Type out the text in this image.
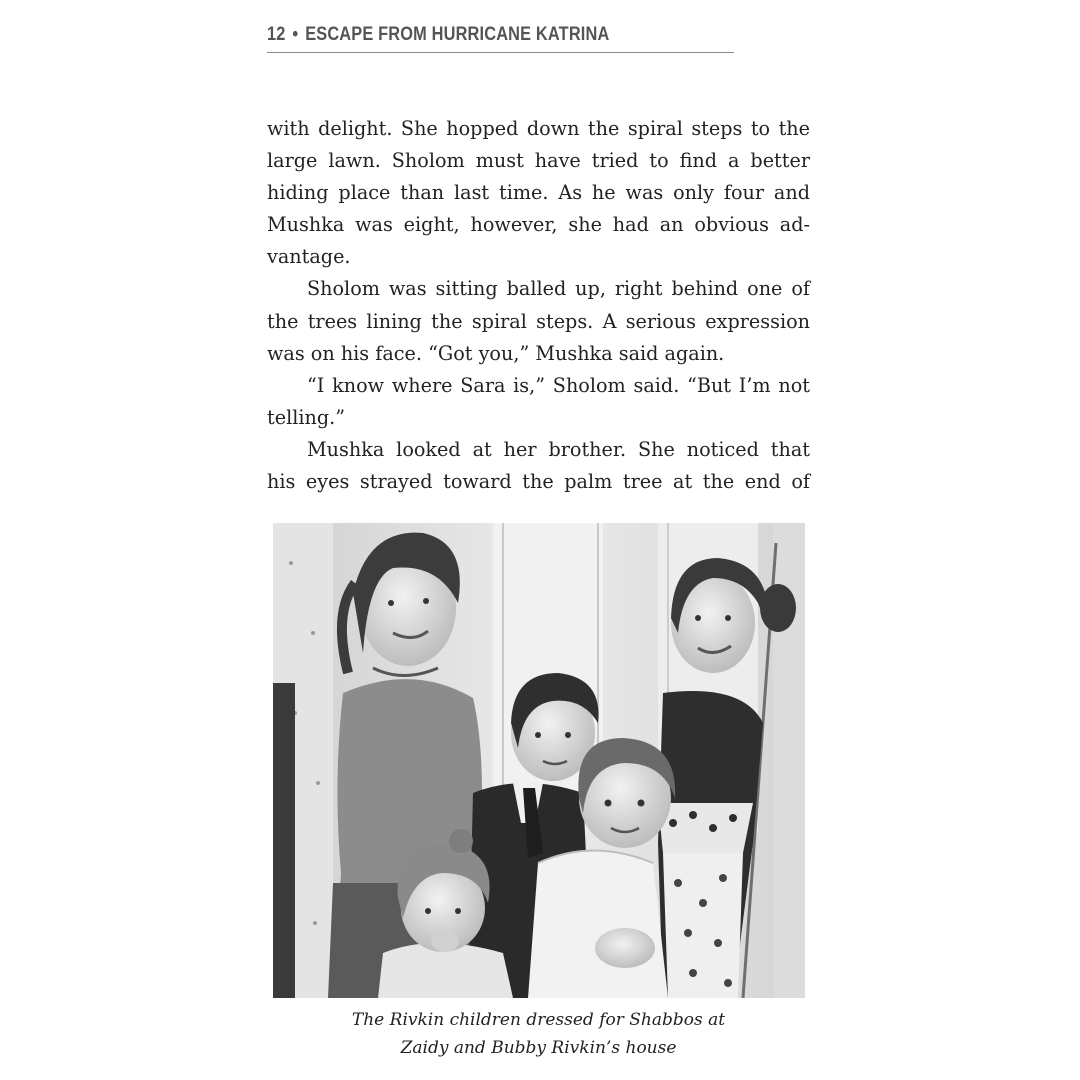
12 • ESCAPE FROM HURRICANE KATRINA

with delight. She hopped down the spiral steps to the
large lawn. Sholom must have tried to find a better
hiding place than last time. As he was only four and
Mushka was eight, however, she had an obvious ad-
vantage.

Sholom was sitting balled up, right behind one of
the trees lining the spiral steps. A serious expression
was on his face. “Got you,” Mushka said again.

“I know where Sara is,” Sholom said. “But I’m not
telling.”

Mushka looked at her brother. She noticed that
his eyes strayed toward the palm tree at the end of

The Rivkin children dressed for Shabbos at
Zaidy and Bubby Rivkin’s house
